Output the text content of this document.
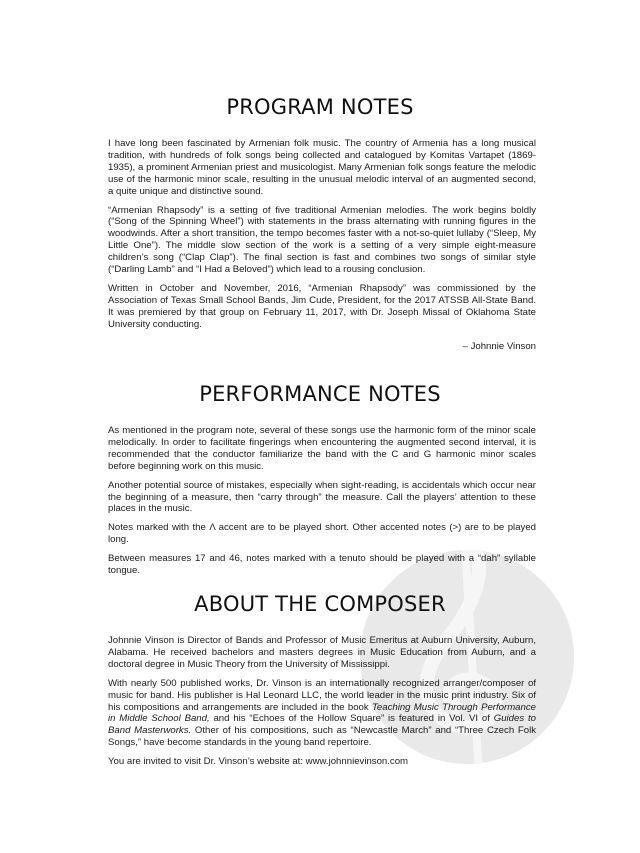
PROGRAM NOTES

I have long been fascinated by Armenian folk music. The country of Armenia has a long musical tradition, with hundreds of folk songs being collected and catalogued by Komitas Vartapet (1869-1935), a prominent Armenian priest and musicologist. Many Armenian folk songs feature the melodic use of the harmonic minor scale, resulting in the unusual melodic interval of an augmented second, a quite unique and distinctive sound.

“Armenian Rhapsody” is a setting of five traditional Armenian melodies. The work begins boldly (“Song of the Spinning Wheel”) with statements in the brass alternating with running figures in the woodwinds. After a short transition, the tempo becomes faster with a not-so-quiet lullaby (“Sleep, My Little One”). The middle slow section of the work is a setting of a very simple eight-measure children’s song (“Clap Clap”). The final section is fast and combines two songs of similar style (“Darling Lamb” and “I Had a Beloved”) which lead to a rousing conclusion.

Written in October and November, 2016, “Armenian Rhapsody” was commissioned by the Association of Texas Small School Bands, Jim Cude, President, for the 2017 ATSSB All-State Band. It was premiered by that group on February 11, 2017, with Dr. Joseph Missal of Oklahoma State University conducting.

– Johnnie Vinson

PERFORMANCE NOTES

As mentioned in the program note, several of these songs use the harmonic form of the minor scale melodically. In order to facilitate fingerings when encountering the augmented second interval, it is recommended that the conductor familiarize the band with the C and G harmonic minor scales before beginning work on this music.

Another potential source of mistakes, especially when sight-reading, is accidentals which occur near the beginning of a measure, then “carry through” the measure. Call the players’ attention to these places in the music.

Notes marked with the Λ accent are to be played short. Other accented notes (>) are to be played long.

Between measures 17 and 46, notes marked with a tenuto should be played with a “dah” syllable tongue.

ABOUT THE COMPOSER

Johnnie Vinson is Director of Bands and Professor of Music Emeritus at Auburn University, Auburn, Alabama. He received bachelors and masters degrees in Music Education from Auburn, and a doctoral degree in Music Theory from the University of Mississippi.

With nearly 500 published works, Dr. Vinson is an internationally recognized arranger/composer of music for band. His publisher is Hal Leonard LLC, the world leader in the music print industry. Six of his compositions and arrangements are included in the book Teaching Music Through Performance in Middle School Band, and his “Echoes of the Hollow Square” is featured in Vol. VI of Guides to Band Masterworks. Other of his compositions, such as “Newcastle March” and “Three Czech Folk Songs,” have become standards in the young band repertoire.

You are invited to visit Dr. Vinson’s website at: www.johnnievinson.com
